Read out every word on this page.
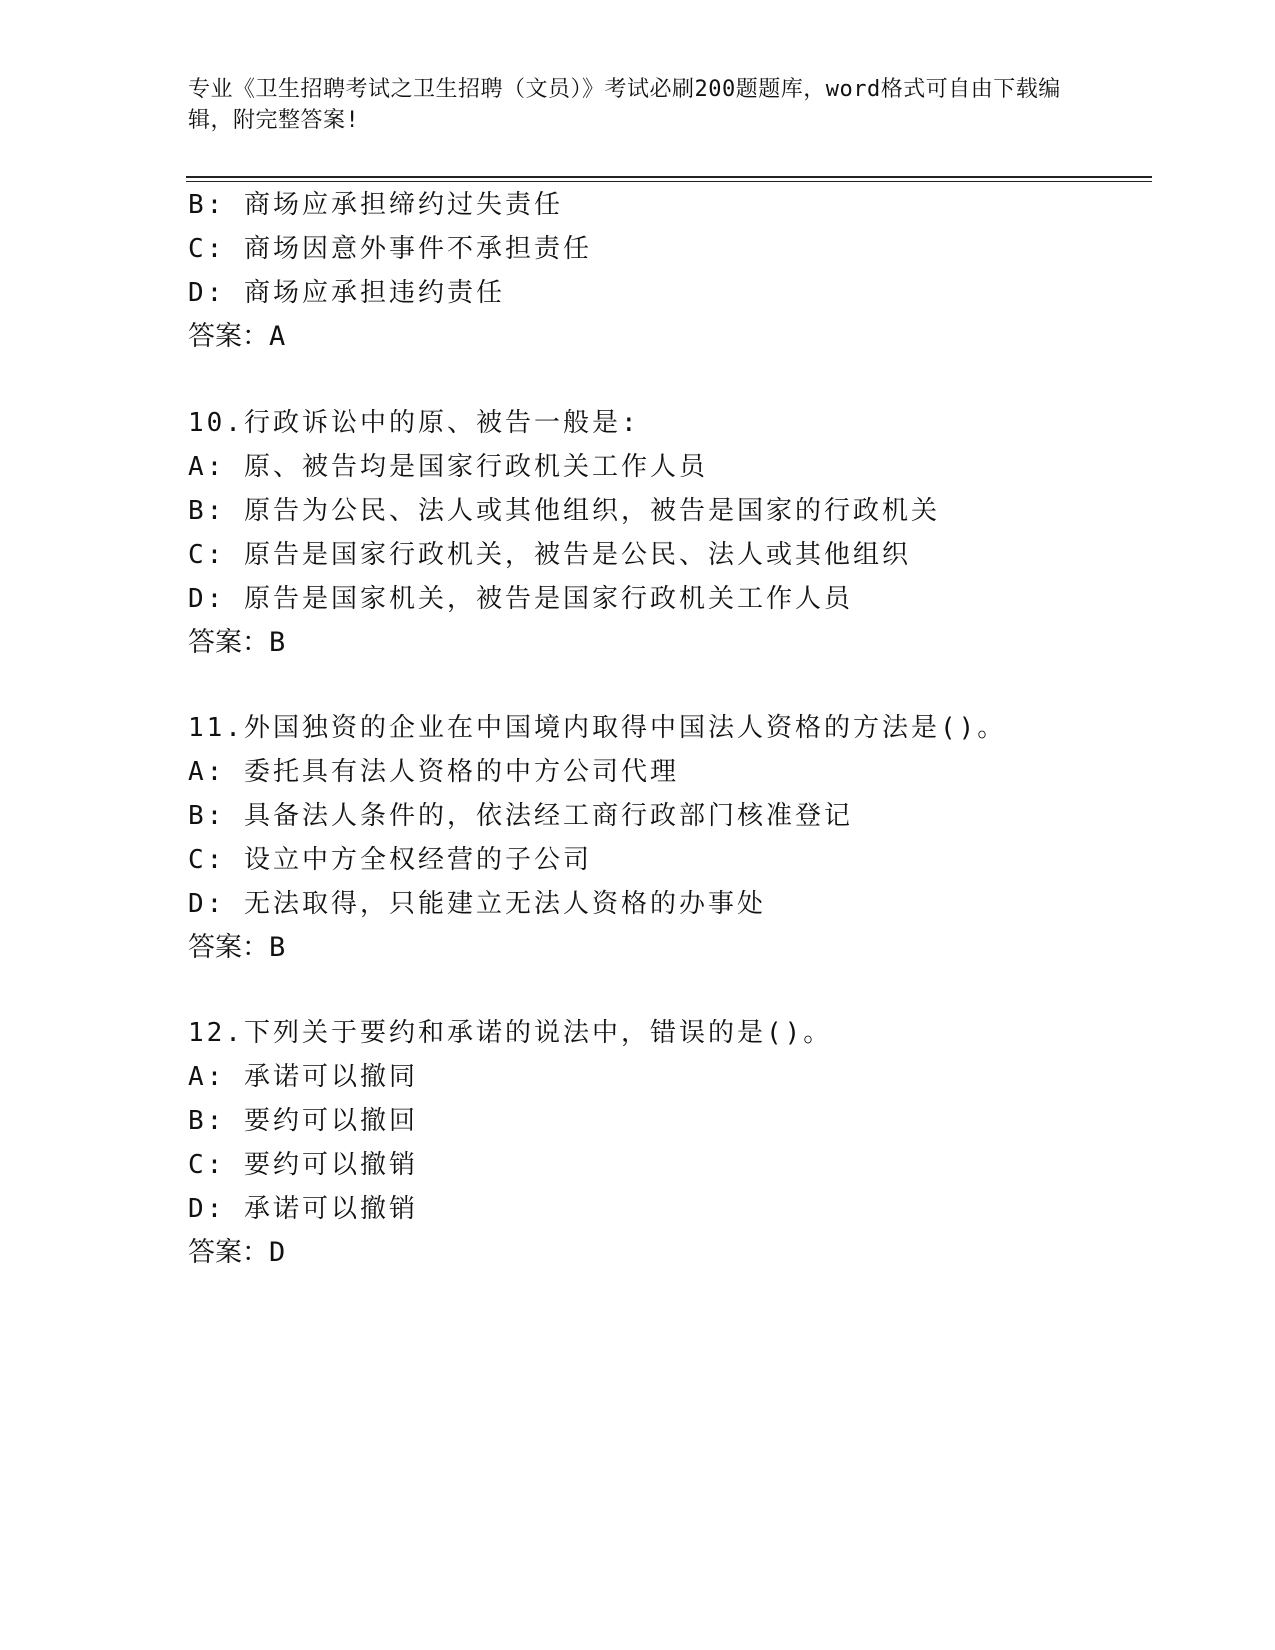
专业《卫生招聘考试之卫生招聘（文员）》考试必刷200题题库，word格式可自由下载编辑，附完整答案!
B: 商场应承担缔约过失责任
C: 商场因意外事件不承担责任
D: 商场应承担违约责任
答案：A
10.行政诉讼中的原、被告一般是:
A: 原、被告均是国家行政机关工作人员
B: 原告为公民、法人或其他组织，被告是国家的行政机关
C: 原告是国家行政机关，被告是公民、法人或其他组织
D: 原告是国家机关，被告是国家行政机关工作人员
答案：B
11.外国独资的企业在中国境内取得中国法人资格的方法是()。
A: 委托具有法人资格的中方公司代理
B: 具备法人条件的，依法经工商行政部门核准登记
C: 设立中方全权经营的子公司
D: 无法取得，只能建立无法人资格的办事处
答案：B
12.下列关于要约和承诺的说法中，错误的是()。
A: 承诺可以撤同
B: 要约可以撤回
C: 要约可以撤销
D: 承诺可以撤销
答案：D
